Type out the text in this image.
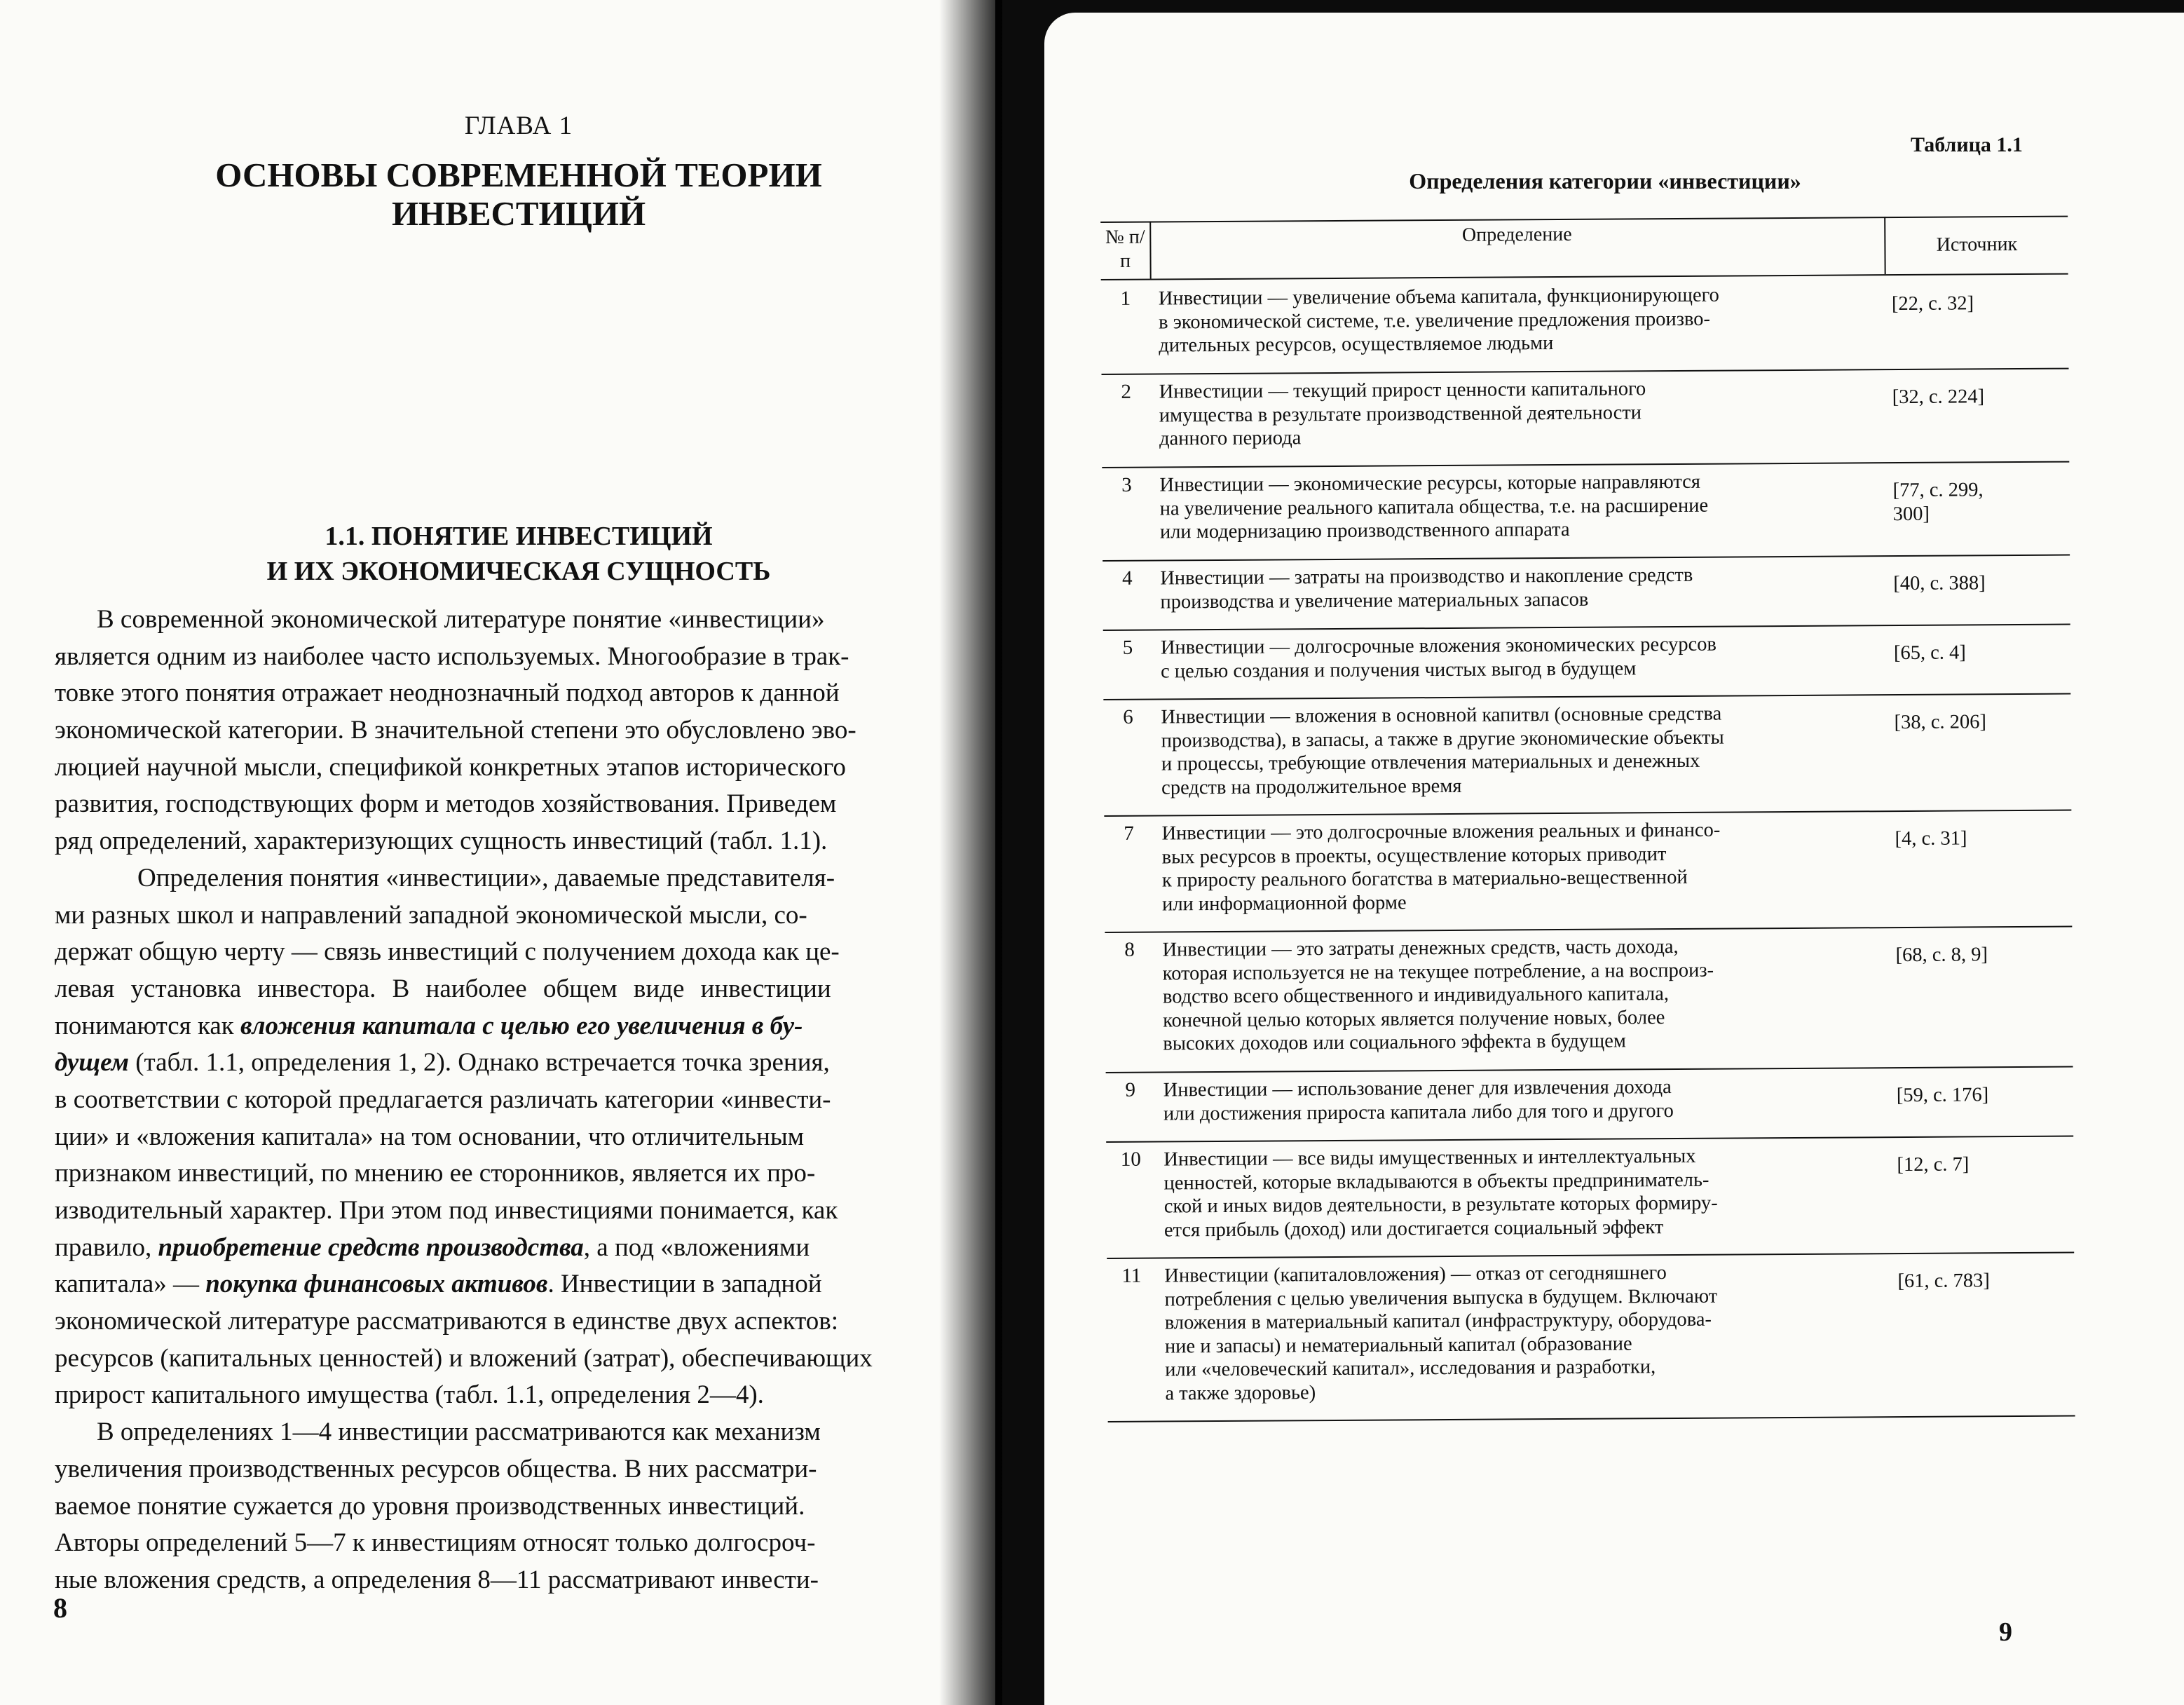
ГЛАВА 1
ОСНОВЫ СОВРЕМЕННОЙ ТЕОРИИ
ИНВЕСТИЦИЙ
1.1. ПОНЯТИЕ ИНВЕСТИЦИЙ
И ИХ ЭКОНОМИЧЕСКАЯ СУЩНОСТЬ
В современной экономической литературе понятие «инвестиции»
является одним из наиболее часто используемых. Многообразие в трак-
товке этого понятия отражает неоднозначный подход авторов к данной
экономической категории. В значительной степени это обусловлено эво-
люцией научной мысли, спецификой конкретных этапов исторического
развития, господствующих форм и методов хозяйствования. Приведем
ряд определений, характеризующих сущность инвестиций (табл. 1.1).
Определения понятия «инвестиции», даваемые представителя-
ми разных школ и направлений западной экономической мысли, со-
держат общую черту — связь инвестиций с получением дохода как це-
левая установка инвестора. В наиболее общем виде инвестиции
понимаются как вложения капитала с целью его увеличения в бу-
дущем (табл. 1.1, определения 1, 2). Однако встречается точка зрения,
в соответствии с которой предлагается различать категории «инвести-
ции» и «вложения капитала» на том основании, что отличительным
признаком инвестиций, по мнению ее сторонников, является их про-
изводительный характер. При этом под инвестициями понимается, как
правило, приобретение средств производства, а под «вложениями
капитала» — покупка финансовых активов. Инвестиции в западной
экономической литературе рассматриваются в единстве двух аспектов:
ресурсов (капитальных ценностей) и вложений (затрат), обеспечивающих
прирост капитального имущества (табл. 1.1, определения 2—4).
В определениях 1—4 инвестиции рассматриваются как механизм
увеличения производственных ресурсов общества. В них рассматри-
ваемое понятие сужается до уровня производственных инвестиций.
Авторы определений 5—7 к инвестициям относят только долгосроч-
ные вложения средств, а определения 8—11 рассматривают инвести-
8
Таблица 1.1
Определения категории «инвестиции»
№ п/п
Определение	Источник
1	Инвестиции — увеличение объема капитала, функционирующего
в экономической системе, т.е. увеличение предложения произво-
дительных ресурсов, осуществляемое людьми
[22, с. 32]
2	Инвестиции — текущий прирост ценности капитального
имущества в результате производственной деятельности
данного периода
[32, с. 224]
3	Инвестиции — экономические ресурсы, которые направляются
на увеличение реального капитала общества, т.е. на расширение
или модернизацию производственного аппарата
[77, с. 299,
300]
4	Инвестиции — затраты на производство и накопление средств
производства и увеличение материальных запасов
[40, с. 388]
5	Инвестиции — долгосрочные вложения экономических ресурсов
с целью создания и получения чистых выгод в будущем
[65, с. 4]
6	Инвестиции — вложения в основной капитвл (основные средства
производства), в запасы, а также в другие экономические объекты
и процессы, требующие отвлечения материальных и денежных
средств на продолжительное время
[38, с. 206]
7	Инвестиции — это долгосрочные вложения реальных и финансо-
вых ресурсов в проекты, осуществление которых приводит
к приросту реального богатства в материально-вещественной
или информационной форме
[4, с. 31]
8	Инвестиции — это затраты денежных средств, часть дохода,
которая используется не на текущее потребление, а на воспроиз-
водство всего общественного и индивидуального капитала,
конечной целью которых является получение новых, более
высоких доходов или социального эффекта в будущем
[68, с. 8, 9]
9	Инвестиции — использование денег для извлечения дохода
или достижения прироста капитала либо для того и другого
[59, с. 176]
10	Инвестиции — все виды имущественных и интеллектуальных
ценностей, которые вкладываются в объекты предприниматель-
ской и иных видов деятельности, в результате которых формиру-
ется прибыль (доход) или достигается социальный эффект
[12, с. 7]
11	Инвестиции (капиталовложения) — отказ от сегодняшнего
потребления с целью увеличения выпуска в будущем. Включают
вложения в материальный капитал (инфраструктуру, оборудова-
ние и запасы) и нематериальный капитал (образование
или «человеческий капитал», исследования и разработки,
а также здоровье)
[61, с. 783]
9
